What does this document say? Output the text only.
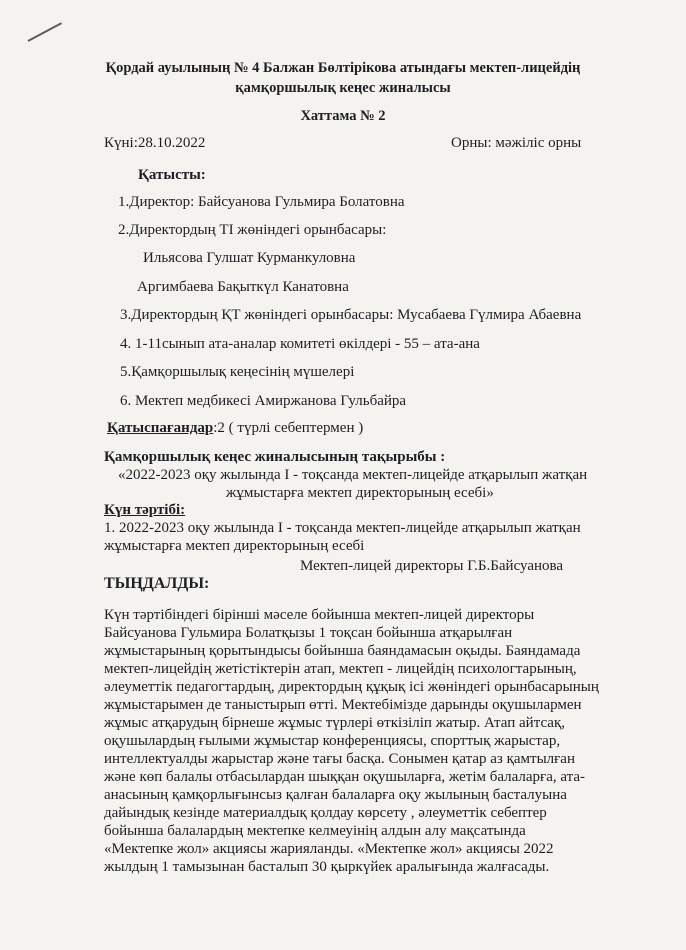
Қордай ауылының № 4 Балжан Бөлтірікова атындағы мектеп-лицейдің
қамқоршылық кеңес жиналысы
Хаттама № 2
Күні:28.10.2022	Орны: мәжіліс орны
Қатысты:
1.Директор: Байсуанова Гульмира Болатовна
2.Директордың ТІ жөніндегі орынбасары:
Ильясова Гулшат Курманкуловна
Аргимбаева Бақыткүл Канатовна
3.Директордың ҚТ жөніндегі орынбасары: Мусабаева Гүлмира Абаевна
4. 1-11сынып ата-аналар комитеті өкілдері - 55 – ата-ана
5.Қамқоршылық кеңесінің мүшелері
6. Мектеп медбикесі Амиржанова Гульбайра
Қатыспағандар:2 ( түрлі себептермен )
Қамқоршылық кеңес жиналысының тақырыбы :
«2022-2023 оқу жылында І - тоқсанда мектеп-лицейде атқарылып жатқан
жұмыстарға мектеп директорының есебі»
Күн тәртібі:
1. 2022-2023 оқу жылында І - тоқсанда мектеп-лицейде атқарылып жатқан
жұмыстарға мектеп директорының есебі
Мектеп-лицей директоры Г.Б.Байсуанова
ТЫҢДАЛДЫ:
Күн тәртібіндегі бірінші мәселе бойынша мектеп-лицей директоры
Байсуанова Гульмира Болатқызы 1 тоқсан бойынша атқарылған
жұмыстарының қорытындысы бойынша баяндамасын оқыды. Баяндамада
мектеп-лицейдің жетістіктерін атап, мектеп - лицейдің психологтарының,
әлеуметтік педагогтардың, директордың құқық ісі жөніндегі орынбасарының
жұмыстарымен де таныстырып өтті. Мектебімізде дарынды оқушылармен
жұмыс атқарудың бірнеше жұмыс түрлері өткізіліп жатыр. Атап айтсақ,
оқушылардың ғылыми жұмыстар конференциясы, спорттық жарыстар,
интеллектуалды жарыстар және тағы басқа. Сонымен қатар аз қамтылған
және көп балалы отбасылардан шыққан оқушыларға, жетім балаларға, ата-
анасының қамқорлығынсыз қалған балаларға оқу жылының басталуына
дайындық кезінде материалдық қолдау көрсету , әлеуметтік себептер
бойынша балалардың мектепке келмеуінің алдын алу мақсатында
«Мектепке жол» акциясы жарияланды. «Мектепке жол» акциясы 2022
жылдың 1 тамызынан басталып 30 қыркүйек аралығында жалғасады.
